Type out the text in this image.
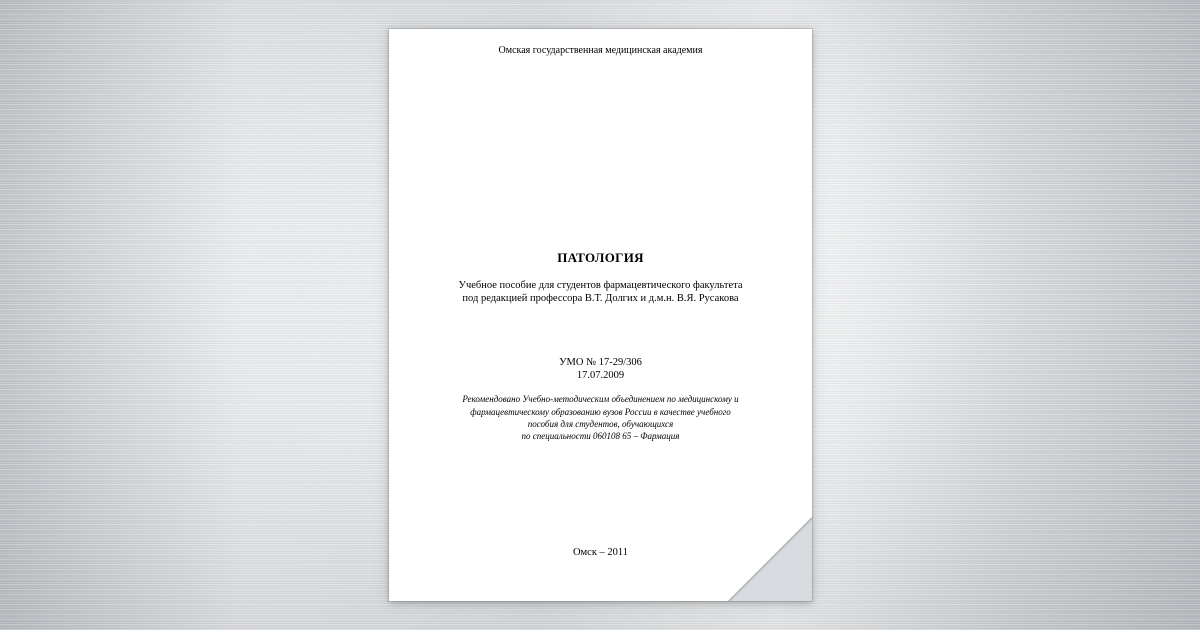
Омская государственная медицинская академия
ПАТОЛОГИЯ
Учебное пособие для студентов фармацевтического факультета
под редакцией профессора В.Т. Долгих и д.м.н. В.Я. Русакова
УМО № 17-29/306
17.07.2009
Рекомендовано Учебно-методическим объединением по медицинскому и
фармацевтическому образованию вузов России в качестве учебного
пособия для студентов, обучающихся
по специальности 060108 65 – Фармация
Омск – 2011
